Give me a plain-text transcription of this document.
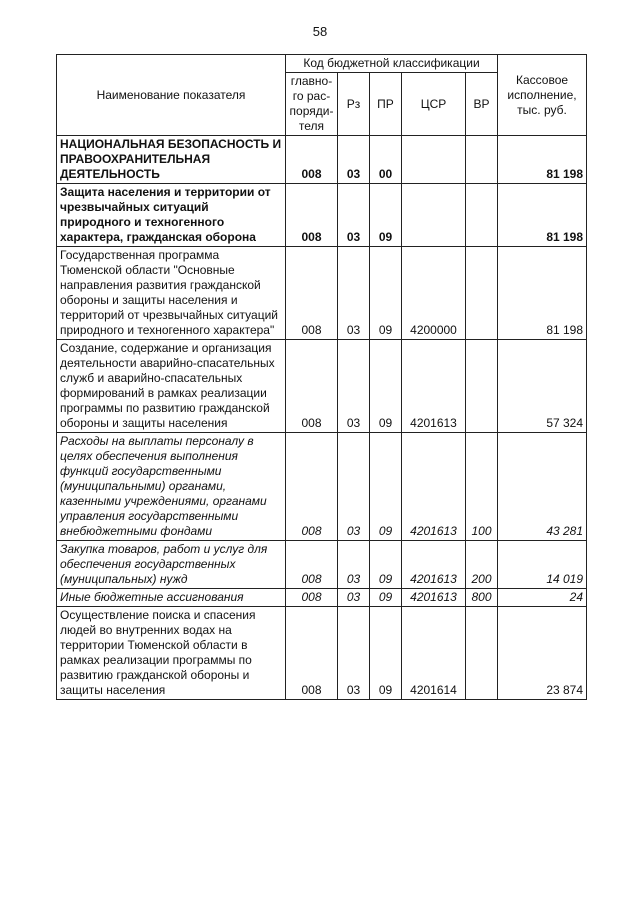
58
Наименование показателя	Код бюджетной классификации					Кассовое исполнение, тыс. руб.
	главно-го рас-поряди-теля	Рз	ПР	ЦСР	ВР	
НАЦИОНАЛЬНАЯ БЕЗОПАСНОСТЬ И ПРАВООХРАНИТЕЛЬНАЯ ДЕЯТЕЛЬНОСТЬ	008	03	00			81 198
Защита населения и территории от чрезвычайных ситуаций природного и техногенного характера, гражданская оборона	008	03	09			81 198
Государственная программа Тюменской области "Основные направления развития гражданской обороны и защиты населения и территорий от чрезвычайных ситуаций природного и техногенного характера"	008	03	09	4200000		81 198
Создание, содержание и организация деятельности аварийно-спасательных служб и аварийно-спасательных формирований в рамках реализации программы по развитию гражданской обороны и защиты населения	008	03	09	4201613		57 324
Расходы на выплаты персоналу в целях обеспечения выполнения функций государственными (муниципальными) органами, казенными учреждениями, органами управления государственными внебюджетными фондами	008	03	09	4201613	100	43 281
Закупка товаров, работ и услуг для обеспечения государственных (муниципальных) нужд	008	03	09	4201613	200	14 019
Иные бюджетные ассигнования	008	03	09	4201613	800	24
Осуществление поиска и спасения людей во внутренних водах на территории Тюменской области в рамках реализации программы по развитию гражданской обороны и защиты населения	008	03	09	4201614		23 874
